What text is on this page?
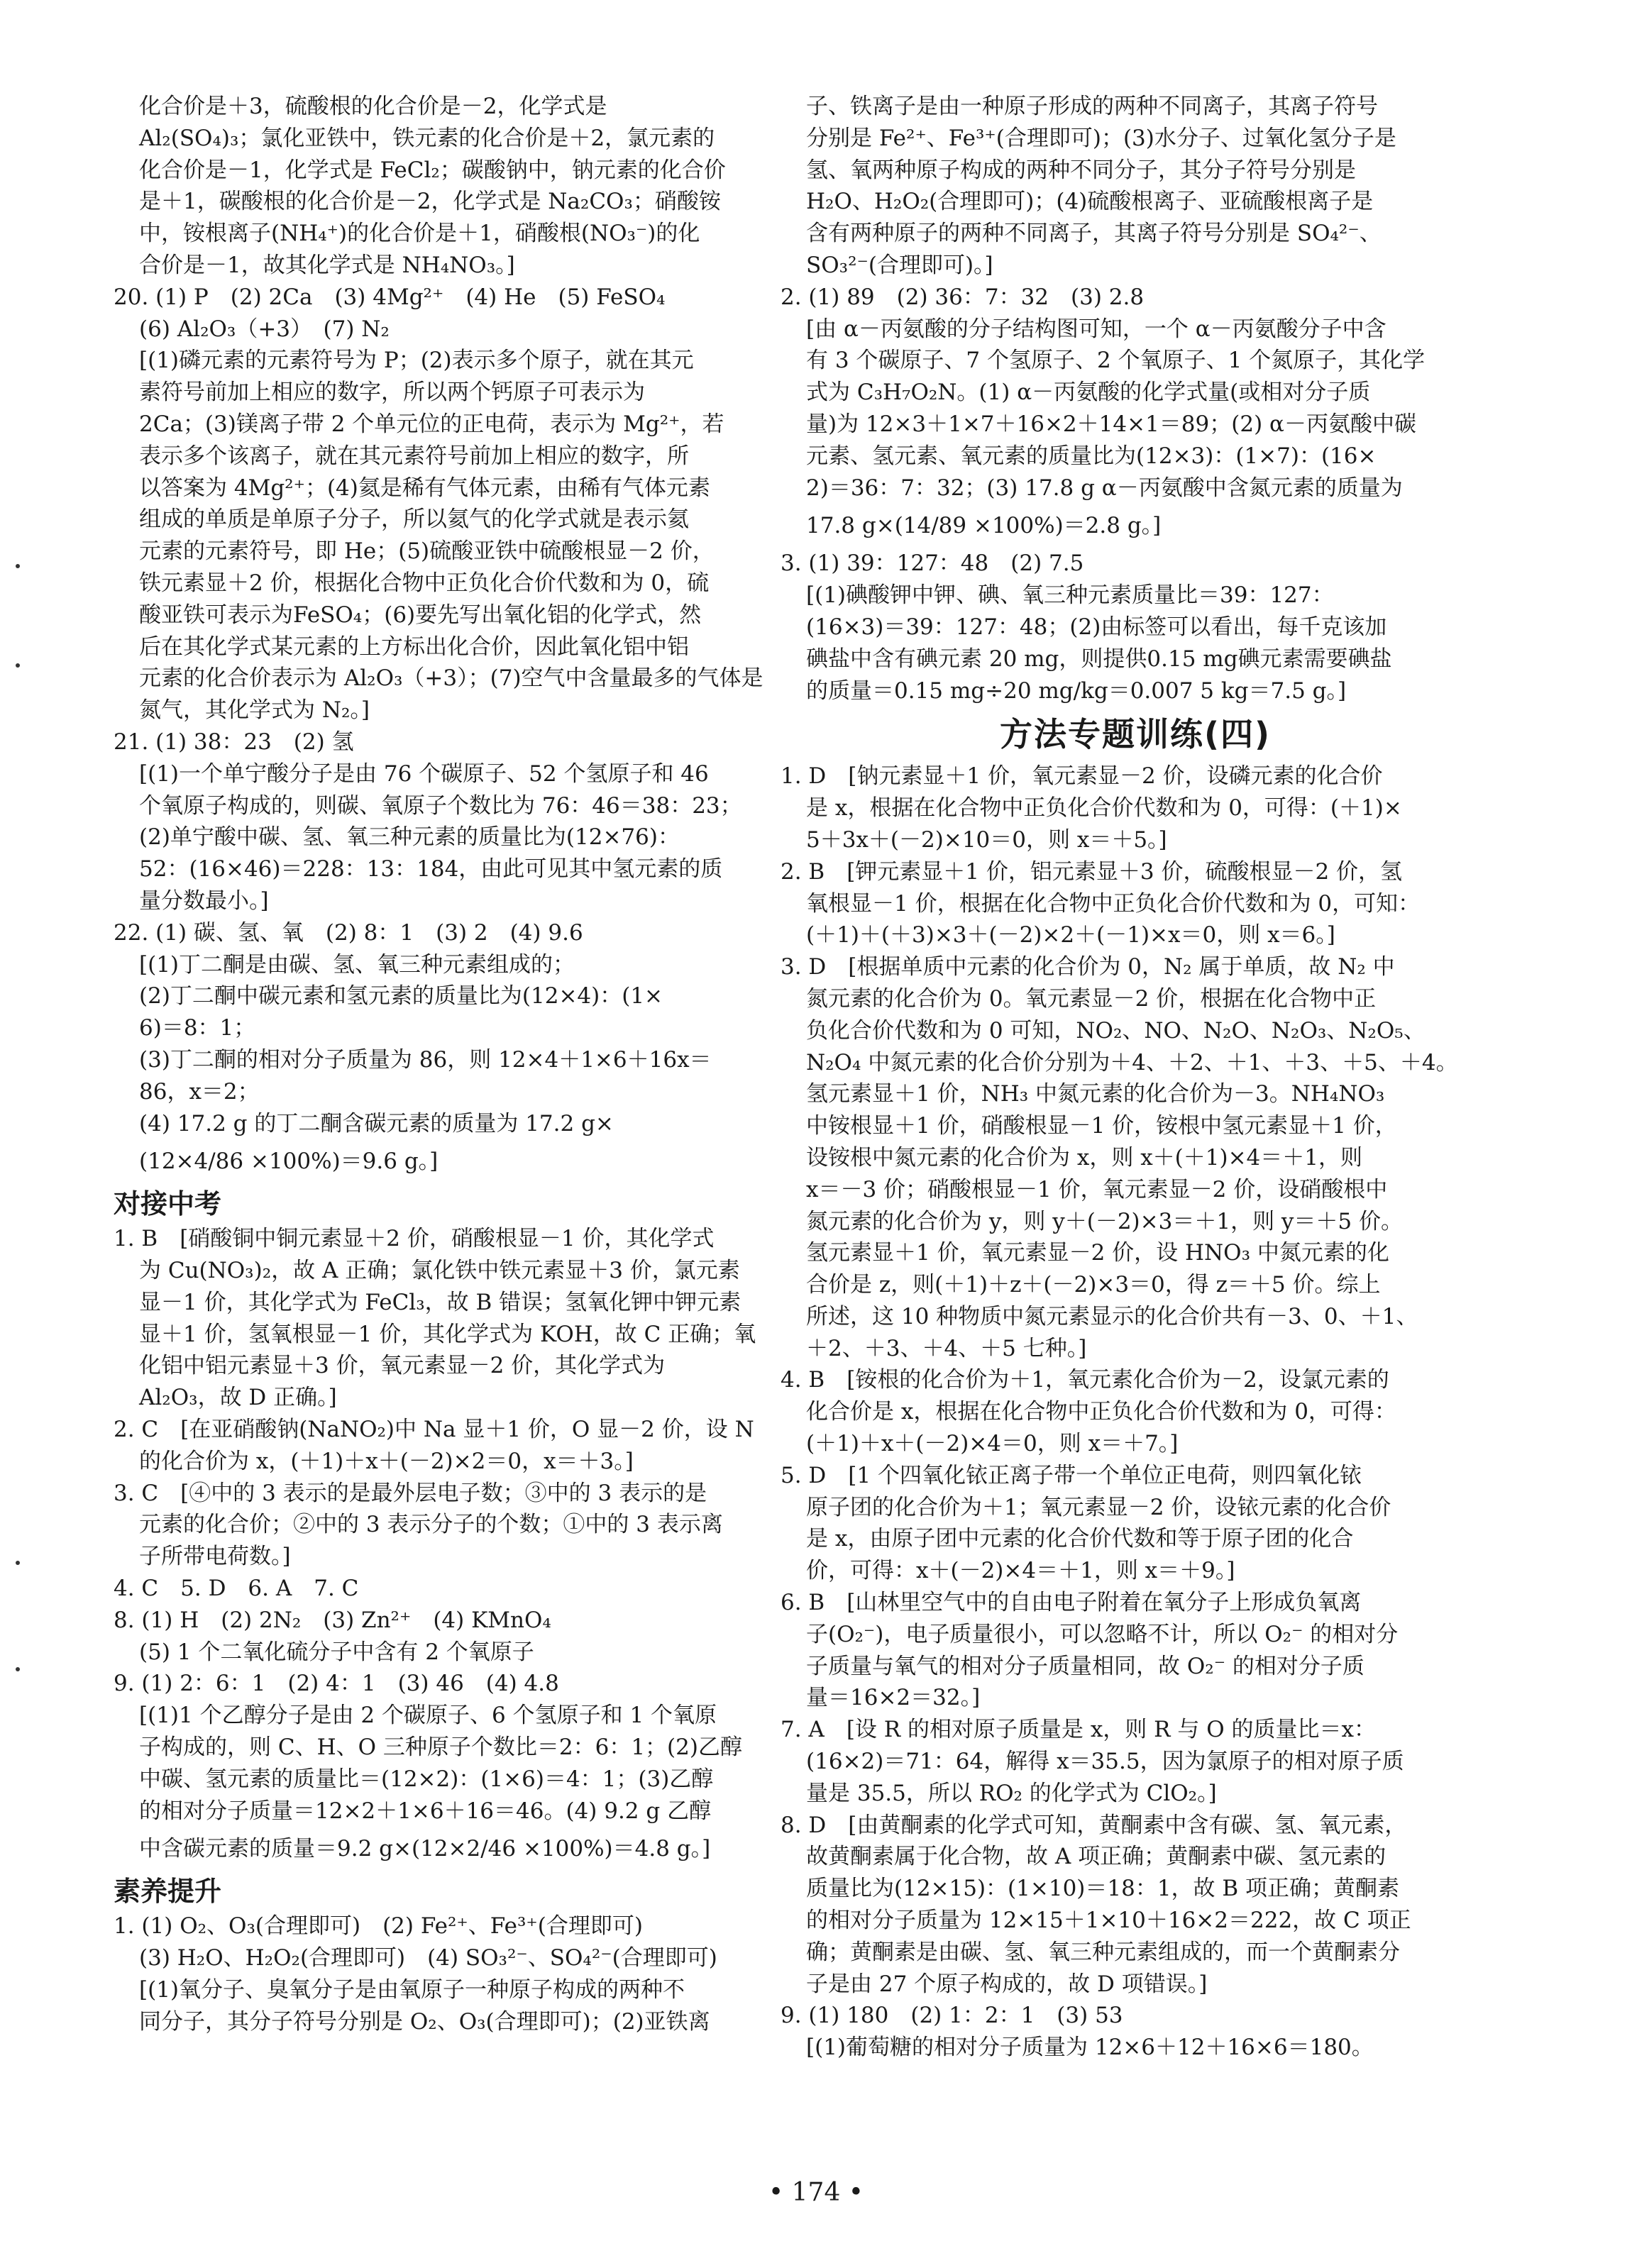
化合价是＋3，硫酸根的化合价是－2，化学式是
Al₂(SO₄)₃；氯化亚铁中，铁元素的化合价是＋2，氯元素的
化合价是－1，化学式是 FeCl₂；碳酸钠中，钠元素的化合价
是＋1，碳酸根的化合价是－2，化学式是 Na₂CO₃；硝酸铵
中，铵根离子(NH₄⁺)的化合价是＋1，硝酸根(NO₃⁻)的化
合价是－1，故其化学式是 NH₄NO₃。]
20. (1) P　(2) 2Ca　(3) 4Mg²⁺　(4) He　(5) FeSO₄
(6) Al₂O₃（+3）　(7) N₂
[(1)磷元素的元素符号为 P；(2)表示多个原子，就在其元
素符号前加上相应的数字，所以两个钙原子可表示为
2Ca；(3)镁离子带 2 个单元位的正电荷，表示为 Mg²⁺，若
表示多个该离子，就在其元素符号前加上相应的数字，所
以答案为 4Mg²⁺；(4)氦是稀有气体元素，由稀有气体元素
组成的单质是单原子分子，所以氦气的化学式就是表示氦
元素的元素符号，即 He；(5)硫酸亚铁中硫酸根显－2 价，
铁元素显＋2 价，根据化合物中正负化合价代数和为 0，硫
酸亚铁可表示为FeSO₄；(6)要先写出氧化铝的化学式，然
后在其化学式某元素的上方标出化合价，因此氧化铝中铝
元素的化合价表示为 Al₂O₃（+3）；(7)空气中含量最多的气体是
氮气，其化学式为 N₂。]
21. (1) 38：23　(2) 氢
[(1)一个单宁酸分子是由 76 个碳原子、52 个氢原子和 46
个氧原子构成的，则碳、氧原子个数比为 76：46＝38：23；
(2)单宁酸中碳、氢、氧三种元素的质量比为(12×76)：
52：(16×46)＝228：13：184，由此可见其中氢元素的质
量分数最小。]
22. (1) 碳、氢、氧　(2) 8：1　(3) 2　(4) 9.6
[(1)丁二酮是由碳、氢、氧三种元素组成的；
(2)丁二酮中碳元素和氢元素的质量比为(12×4)：(1×
6)＝8：1；
(3)丁二酮的相对分子质量为 86，则 12×4＋1×6＋16x＝
86，x＝2；
(4) 17.2 g 的丁二酮含碳元素的质量为 17.2 g×
(12×4/86 ×100%)＝9.6 g。]
对接中考
1. B　[硝酸铜中铜元素显＋2 价，硝酸根显－1 价，其化学式
为 Cu(NO₃)₂，故 A 正确；氯化铁中铁元素显＋3 价，氯元素
显－1 价，其化学式为 FeCl₃，故 B 错误；氢氧化钾中钾元素
显＋1 价，氢氧根显－1 价，其化学式为 KOH，故 C 正确；氧
化铝中铝元素显＋3 价，氧元素显－2 价，其化学式为
Al₂O₃，故 D 正确。]
2. C　[在亚硝酸钠(NaNO₂)中 Na 显＋1 价，O 显－2 价，设 N
的化合价为 x，(＋1)＋x＋(－2)×2＝0，x＝＋3。]
3. C　[④中的 3 表示的是最外层电子数；③中的 3 表示的是
元素的化合价；②中的 3 表示分子的个数；①中的 3 表示离
子所带电荷数。]
4. C　5. D　6. A　7. C
8. (1) H　(2) 2N₂　(3) Zn²⁺　(4) KMnO₄
(5) 1 个二氧化硫分子中含有 2 个氧原子
9. (1) 2：6：1　(2) 4：1　(3) 46　(4) 4.8
[(1)1 个乙醇分子是由 2 个碳原子、6 个氢原子和 1 个氧原
子构成的，则 C、H、O 三种原子个数比＝2：6：1；(2)乙醇
中碳、氢元素的质量比＝(12×2)：(1×6)＝4：1；(3)乙醇
的相对分子质量＝12×2＋1×6＋16＝46。(4) 9.2 g 乙醇
中含碳元素的质量＝9.2 g×(12×2/46 ×100%)＝4.8 g。]
素养提升
1. (1) O₂、O₃(合理即可)　(2) Fe²⁺、Fe³⁺(合理即可)
(3) H₂O、H₂O₂(合理即可)　(4) SO₃²⁻、SO₄²⁻(合理即可)
[(1)氧分子、臭氧分子是由氧原子一种原子构成的两种不
同分子，其分子符号分别是 O₂、O₃(合理即可)；(2)亚铁离
子、铁离子是由一种原子形成的两种不同离子，其离子符号
分别是 Fe²⁺、Fe³⁺(合理即可)；(3)水分子、过氧化氢分子是
氢、氧两种原子构成的两种不同分子，其分子符号分别是
H₂O、H₂O₂(合理即可)；(4)硫酸根离子、亚硫酸根离子是
含有两种原子的两种不同离子，其离子符号分别是 SO₄²⁻、
SO₃²⁻(合理即可)。]
2. (1) 89　(2) 36：7：32　(3) 2.8
[由 α－丙氨酸的分子结构图可知，一个 α－丙氨酸分子中含
有 3 个碳原子、7 个氢原子、2 个氧原子、1 个氮原子，其化学
式为 C₃H₇O₂N。(1) α－丙氨酸的化学式量(或相对分子质
量)为 12×3＋1×7＋16×2＋14×1＝89；(2) α－丙氨酸中碳
元素、氢元素、氧元素的质量比为(12×3)：(1×7)：(16×
2)＝36：7：32；(3) 17.8 g α－丙氨酸中含氮元素的质量为
17.8 g×(14/89 ×100%)＝2.8 g。]
3. (1) 39：127：48　(2) 7.5
[(1)碘酸钾中钾、碘、氧三种元素质量比＝39：127：
(16×3)＝39：127：48；(2)由标签可以看出，每千克该加
碘盐中含有碘元素 20 mg，则提供0.15 mg碘元素需要碘盐
的质量＝0.15 mg÷20 mg/kg＝0.007 5 kg＝7.5 g。]
方法专题训练(四)
1. D　[钠元素显＋1 价，氧元素显－2 价，设磷元素的化合价
是 x，根据在化合物中正负化合价代数和为 0，可得：(＋1)×
5＋3x＋(－2)×10＝0，则 x＝＋5。]
2. B　[钾元素显＋1 价，铝元素显＋3 价，硫酸根显－2 价，氢
氧根显－1 价，根据在化合物中正负化合价代数和为 0，可知：
(＋1)＋(＋3)×3＋(－2)×2＋(－1)×x＝0，则 x＝6。]
3. D　[根据单质中元素的化合价为 0，N₂ 属于单质，故 N₂ 中
氮元素的化合价为 0。氧元素显－2 价，根据在化合物中正
负化合价代数和为 0 可知，NO₂、NO、N₂O、N₂O₃、N₂O₅、
N₂O₄ 中氮元素的化合价分别为＋4、＋2、＋1、＋3、＋5、＋4。
氢元素显＋1 价，NH₃ 中氮元素的化合价为－3。NH₄NO₃
中铵根显＋1 价，硝酸根显－1 价，铵根中氢元素显＋1 价，
设铵根中氮元素的化合价为 x，则 x＋(＋1)×4＝＋1，则
x＝－3 价；硝酸根显－1 价，氧元素显－2 价，设硝酸根中
氮元素的化合价为 y，则 y＋(－2)×3＝＋1，则 y＝＋5 价。
氢元素显＋1 价，氧元素显－2 价，设 HNO₃ 中氮元素的化
合价是 z，则(＋1)＋z＋(－2)×3＝0，得 z＝＋5 价。综上
所述，这 10 种物质中氮元素显示的化合价共有－3、0、＋1、
＋2、＋3、＋4、＋5 七种。]
4. B　[铵根的化合价为＋1，氧元素化合价为－2，设氯元素的
化合价是 x，根据在化合物中正负化合价代数和为 0，可得：
(＋1)＋x＋(－2)×4＝0，则 x＝＋7。]
5. D　[1 个四氧化铱正离子带一个单位正电荷，则四氧化铱
原子团的化合价为＋1；氧元素显－2 价，设铱元素的化合价
是 x，由原子团中元素的化合价代数和等于原子团的化合
价，可得：x＋(－2)×4＝＋1，则 x＝＋9。]
6. B　[山林里空气中的自由电子附着在氧分子上形成负氧离
子(O₂⁻)，电子质量很小，可以忽略不计，所以 O₂⁻ 的相对分
子质量与氧气的相对分子质量相同，故 O₂⁻ 的相对分子质
量＝16×2＝32。]
7. A　[设 R 的相对原子质量是 x，则 R 与 O 的质量比＝x：
(16×2)＝71：64，解得 x＝35.5，因为氯原子的相对原子质
量是 35.5，所以 RO₂ 的化学式为 ClO₂。]
8. D　[由黄酮素的化学式可知，黄酮素中含有碳、氢、氧元素，
故黄酮素属于化合物，故 A 项正确；黄酮素中碳、氢元素的
质量比为(12×15)：(1×10)＝18：1，故 B 项正确；黄酮素
的相对分子质量为 12×15＋1×10＋16×2＝222，故 C 项正
确；黄酮素是由碳、氢、氧三种元素组成的，而一个黄酮素分
子是由 27 个原子构成的，故 D 项错误。]
9. (1) 180　(2) 1：2：1　(3) 53
[(1)葡萄糖的相对分子质量为 12×6＋12＋16×6＝180。
• 174 •
